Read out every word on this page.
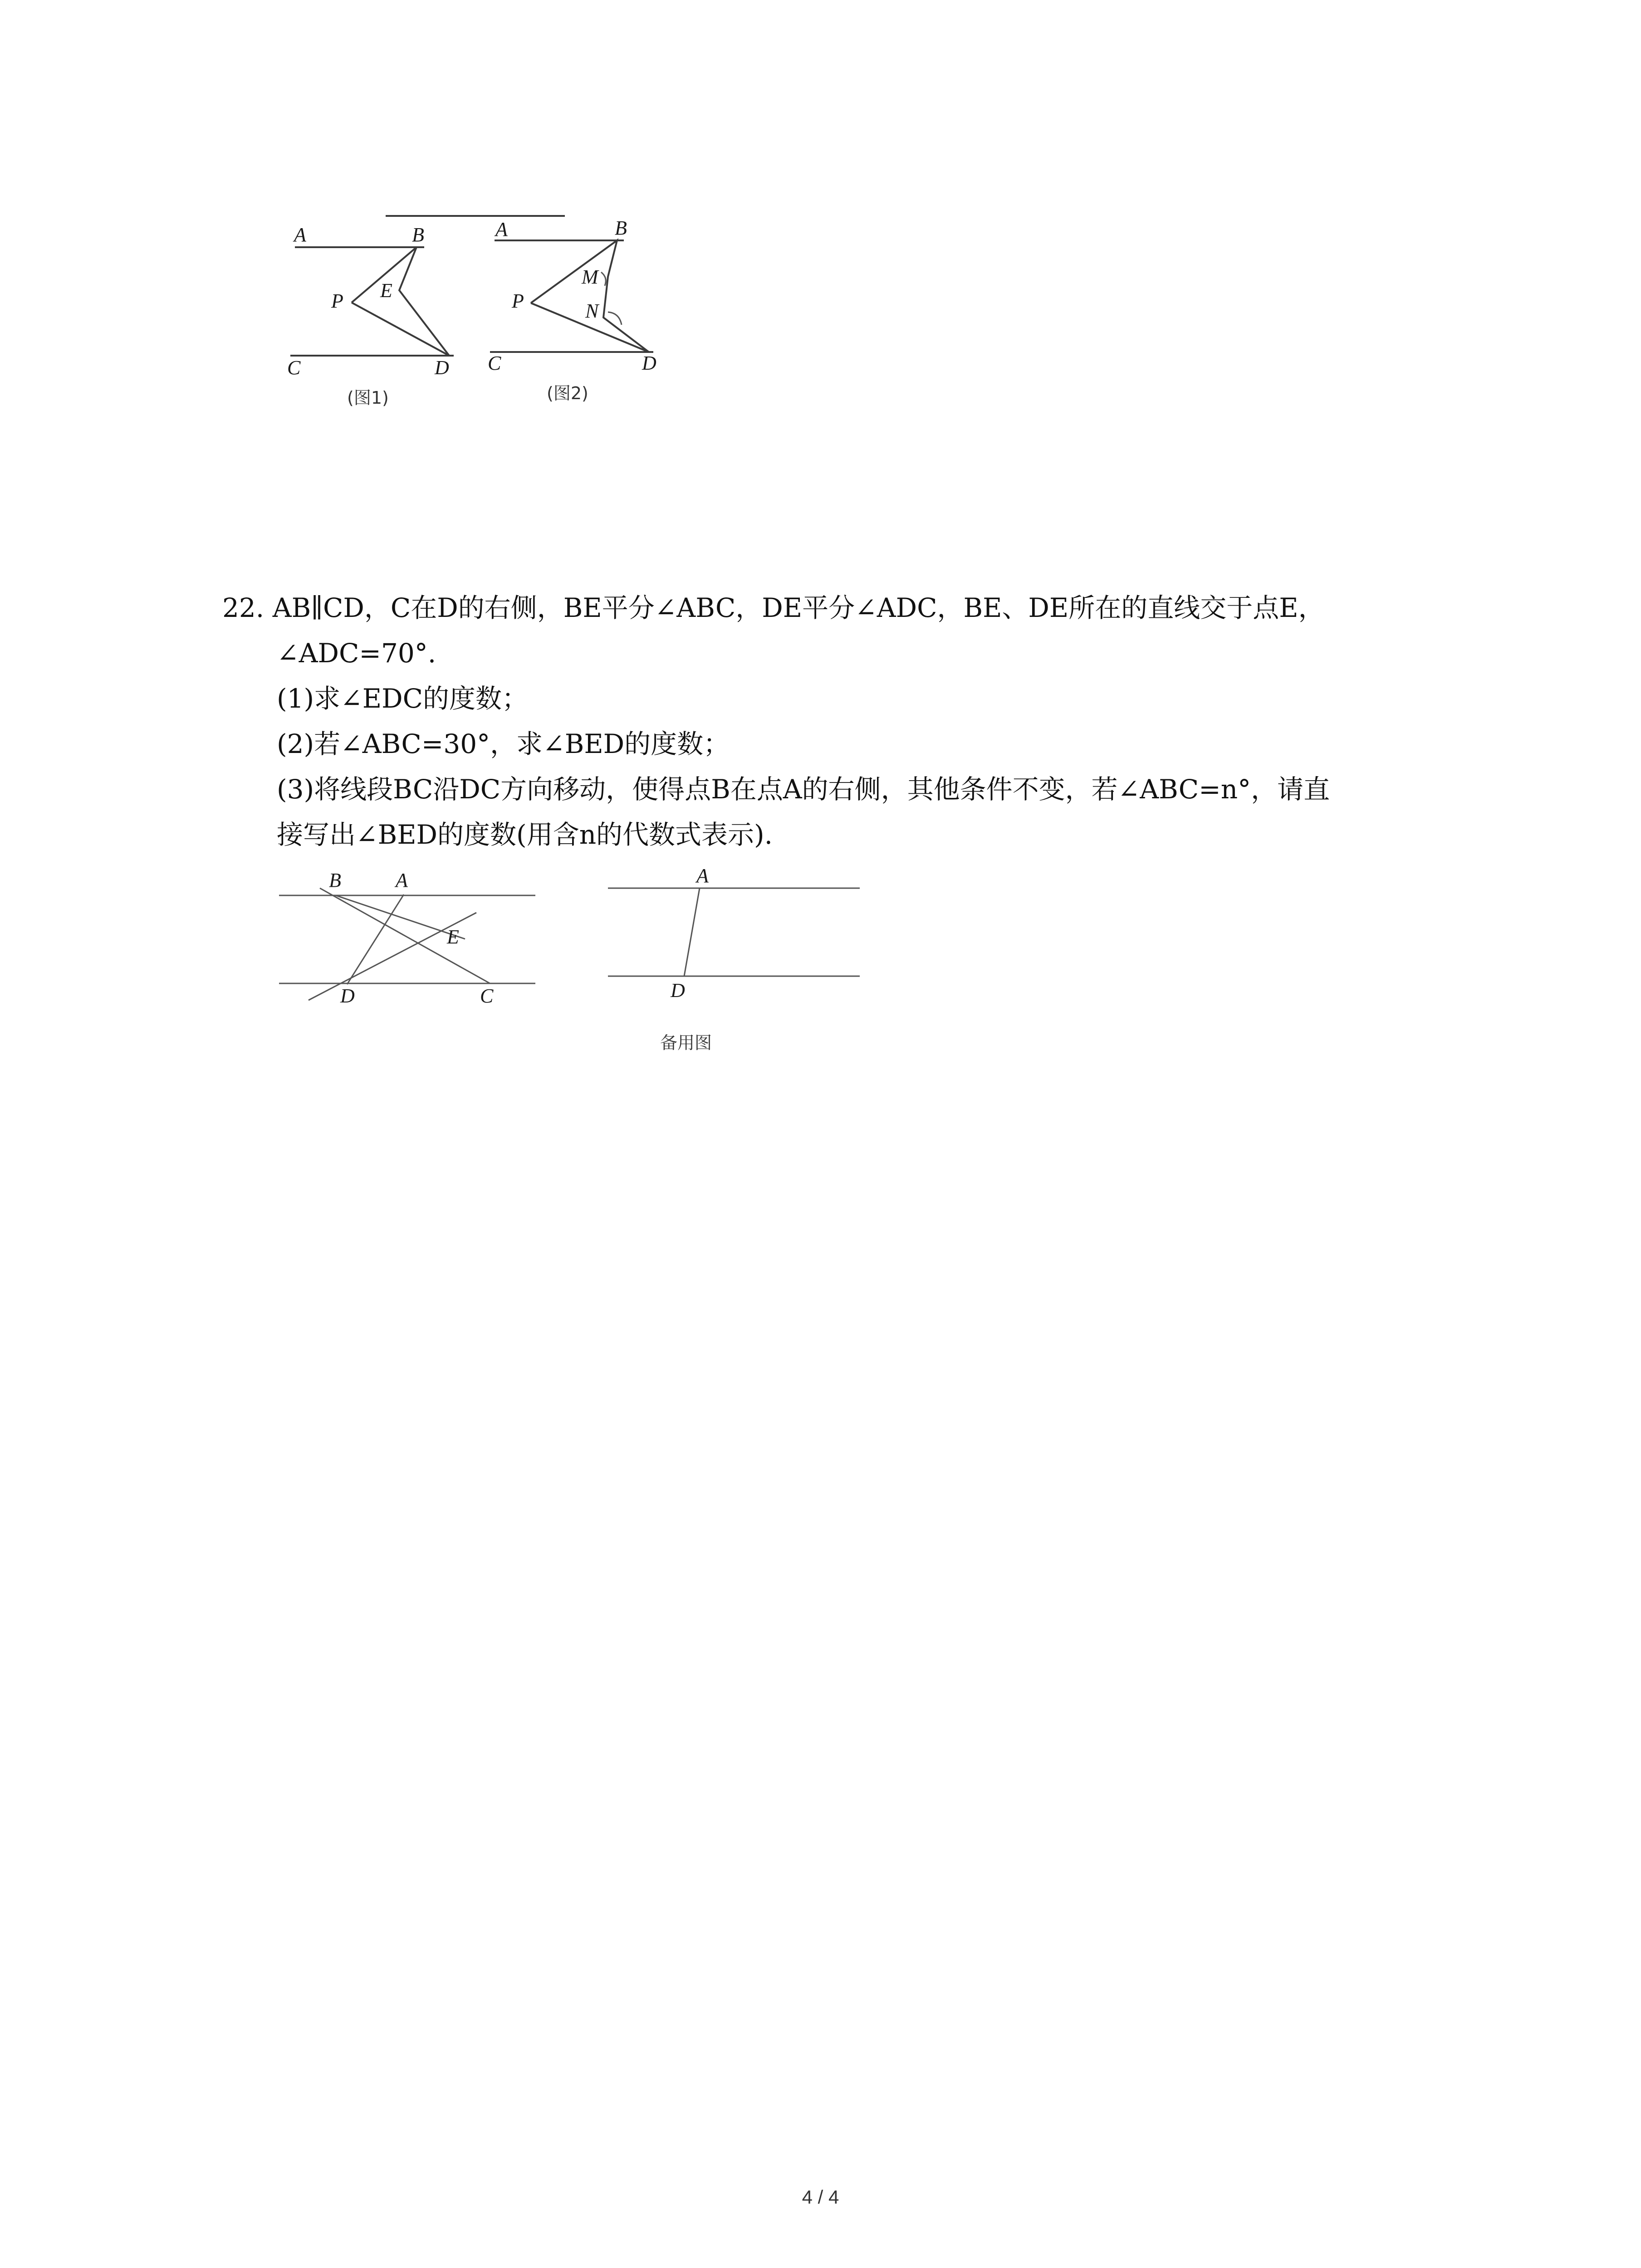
A	B
P E
C	D
(图1)
A	B
M
P	N
C	D
(图2)
22. AB∥CD，C在D的右侧，BE平分∠ABC，DE平分∠ADC，BE、DE所在的直线交于点E，
∠ADC=70°.
(1)求∠EDC的度数；
(2)若∠ABC=30°，求∠BED的度数；
(3)将线段BC沿DC方向移动，使得点B在点A的右侧，其他条件不变，若∠ABC=n°，请直
接写出∠BED的度数(用含n的代数式表示).
B	A
E
D	C
A
D
备用图
4 / 4
